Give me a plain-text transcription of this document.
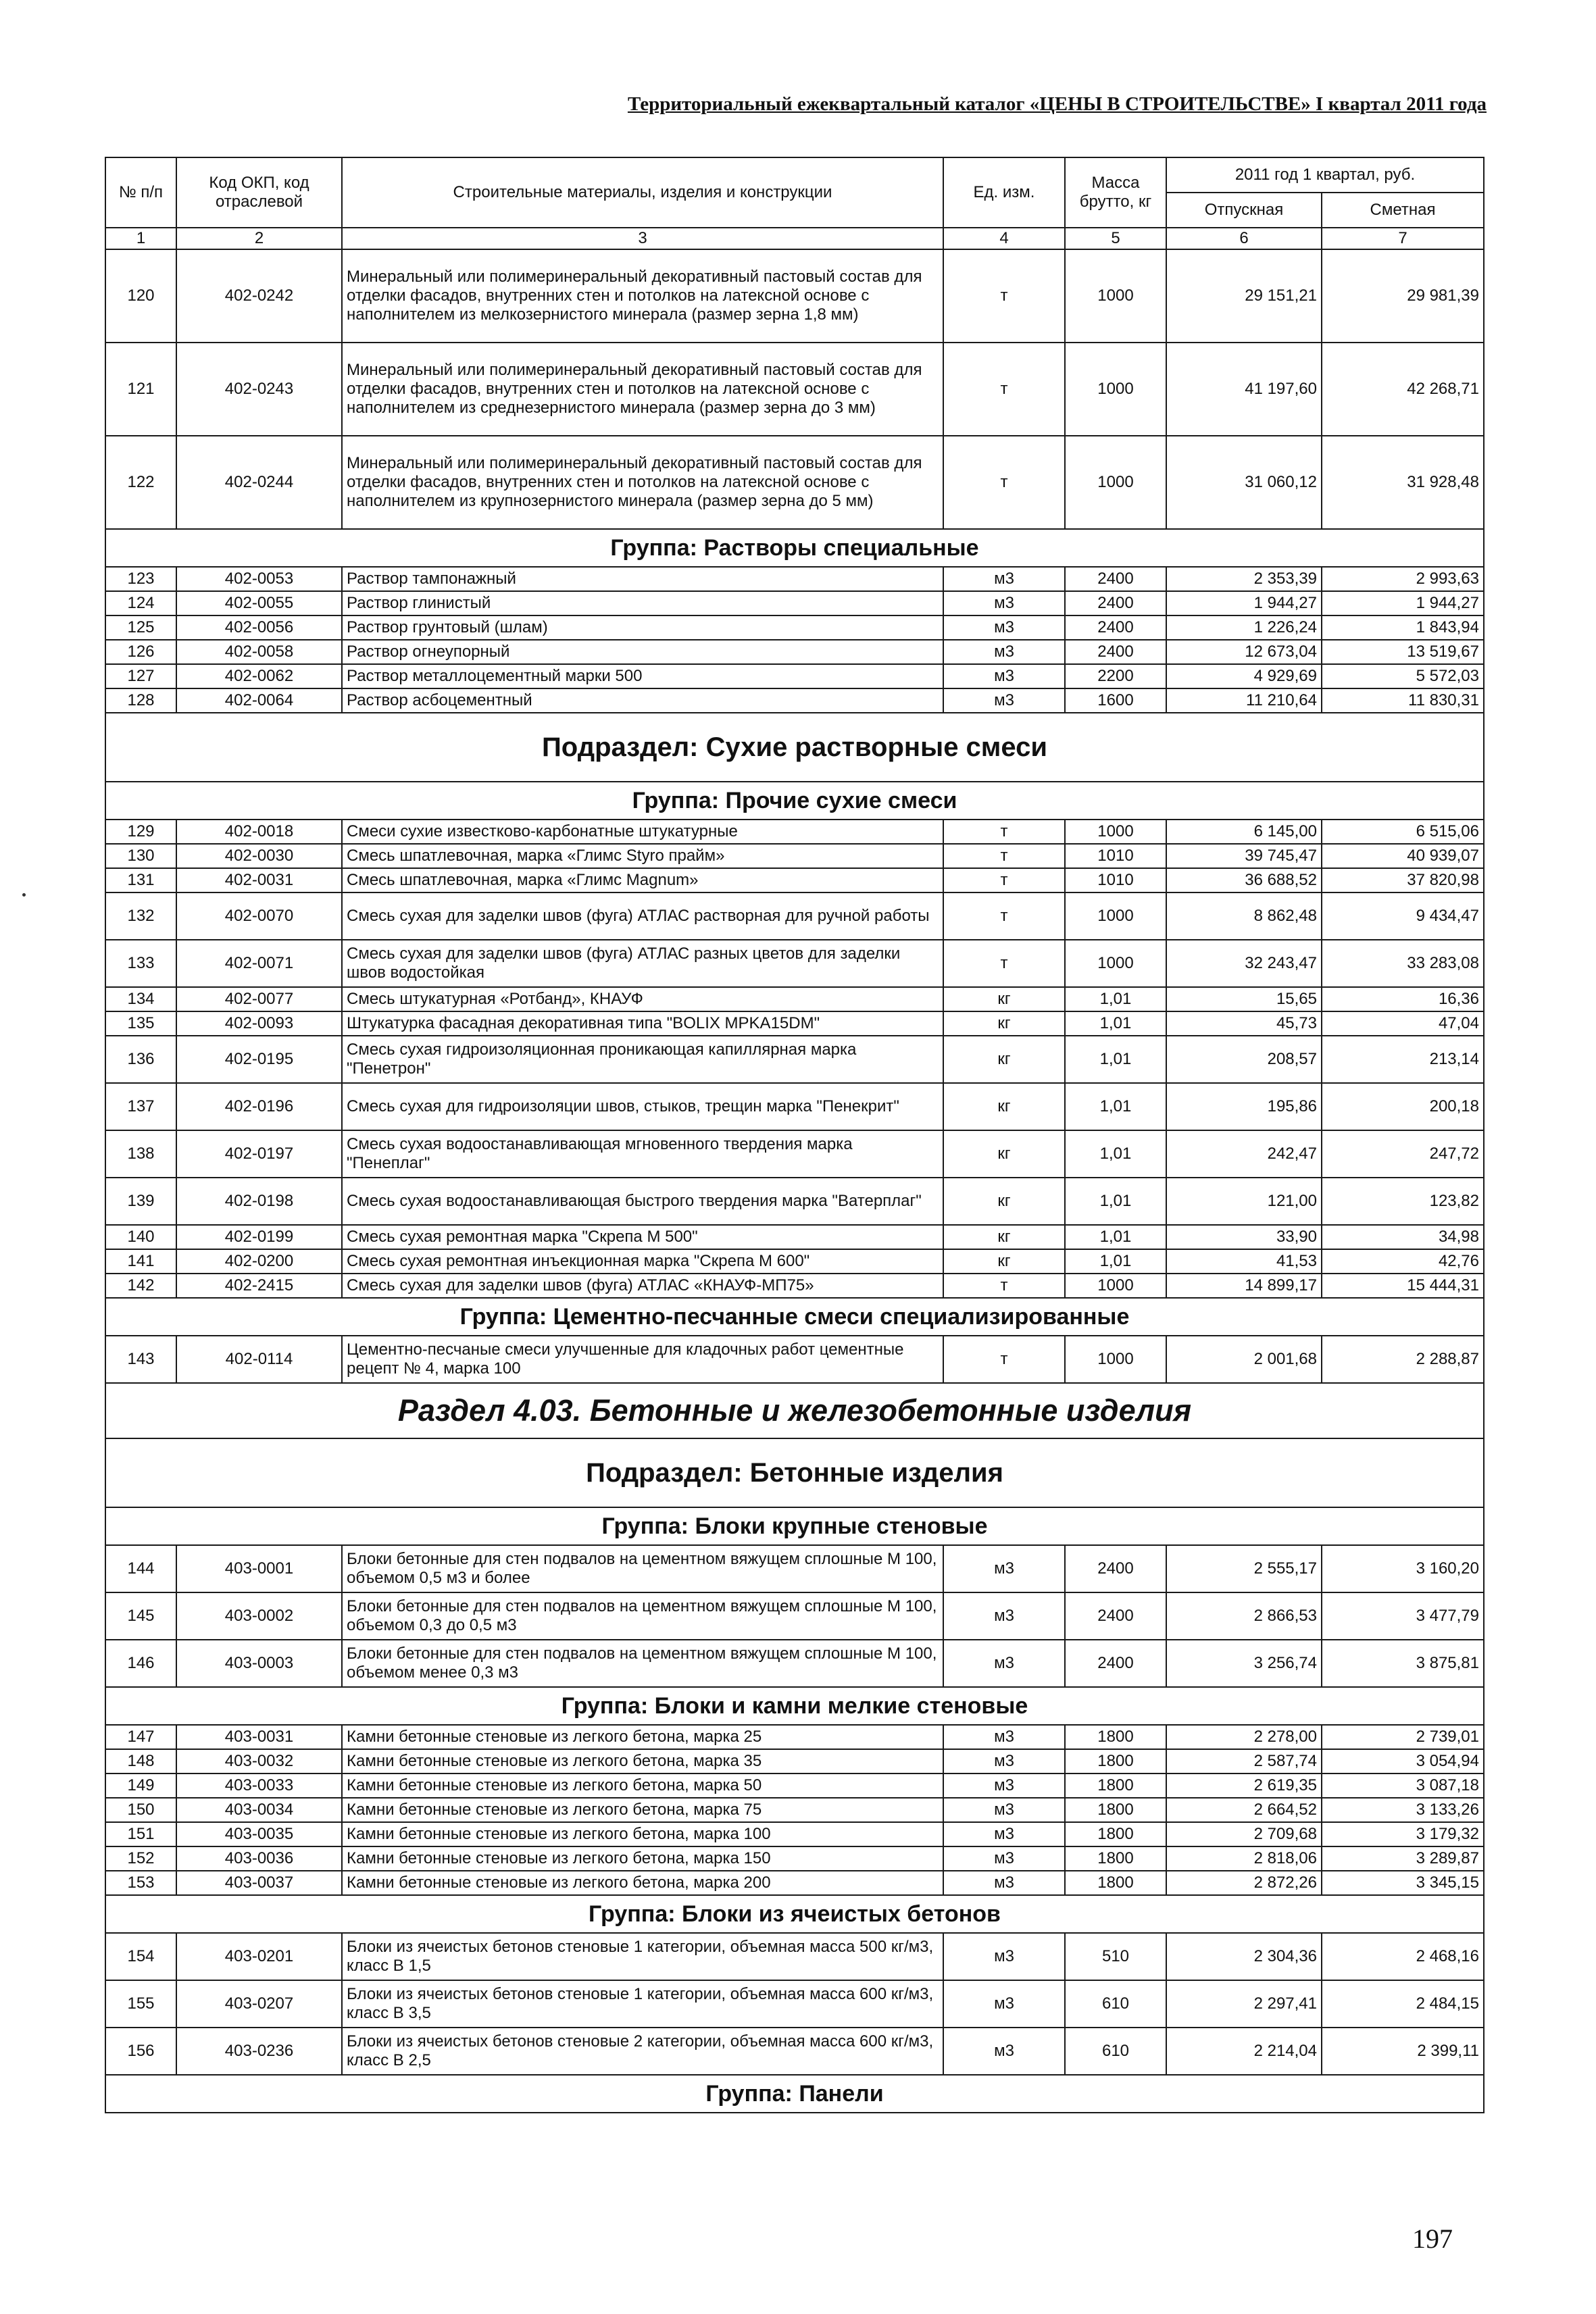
Территориальный ежеквартальный каталог «ЦЕНЫ В СТРОИТЕЛЬСТВЕ» I квартал 2011 года
№ п/п	Код ОКП, код отраслевой	Строительные материалы, изделия и конструкции	Ед. изм.	Масса брутто, кг	2011 год 1 квартал, руб.	
					Отпускная	Сметная
1	2	3	4	5	6	7
120	402-0242	Минеральный или полимеринеральный декоративный пастовый состав для отделки фасадов, внутренних стен и потолков на латексной основе с наполнителем из мелкозернистого минерала (размер зерна 1,8 мм)	т	1000	29 151,21	29 981,39
121	402-0243	Минеральный или полимеринеральный декоративный пастовый состав для отделки фасадов, внутренних стен и потолков на латексной основе с наполнителем из среднезернистого минерала (размер зерна до 3 мм)	т	1000	41 197,60	42 268,71
122	402-0244	Минеральный или полимеринеральный декоративный пастовый состав для отделки фасадов, внутренних стен и потолков на латексной основе с наполнителем из крупнозернистого минерала (размер зерна до 5 мм)	т	1000	31 060,12	31 928,48
Группа: Растворы специальные						
123	402-0053	Раствор тампонажный	м3	2400	2 353,39	2 993,63
124	402-0055	Раствор глинистый	м3	2400	1 944,27	1 944,27
125	402-0056	Раствор грунтовый (шлам)	м3	2400	1 226,24	1 843,94
126	402-0058	Раствор огнеупорный	м3	2400	12 673,04	13 519,67
127	402-0062	Раствор металлоцементный марки 500	м3	2200	4 929,69	5 572,03
128	402-0064	Раствор асбоцементный	м3	1600	11 210,64	11 830,31
Подраздел: Сухие растворные смеси						
Группа: Прочие сухие смеси						
129	402-0018	Смеси сухие известково-карбонатные штукатурные	т	1000	6 145,00	6 515,06
130	402-0030	Смесь шпатлевочная, марка «Глимс Styro прайм»	т	1010	39 745,47	40 939,07
131	402-0031	Смесь шпатлевочная, марка «Глимс Magnum»	т	1010	36 688,52	37 820,98
132	402-0070	Смесь сухая для заделки швов (фуга) АТЛАС растворная для ручной работы	т	1000	8 862,48	9 434,47
133	402-0071	Смесь сухая для заделки швов (фуга) АТЛАС разных цветов для заделки швов водостойкая	т	1000	32 243,47	33 283,08
134	402-0077	Смесь штукатурная «Ротбанд», КНАУФ	кг	1,01	15,65	16,36
135	402-0093	Штукатурка фасадная декоративная типа "BOLIX MPKA15DM"	кг	1,01	45,73	47,04
136	402-0195	Смесь сухая гидроизоляционная проникающая капиллярная марка "Пенетрон"	кг	1,01	208,57	213,14
137	402-0196	Смесь сухая для гидроизоляции швов, стыков, трещин марка "Пенекрит"	кг	1,01	195,86	200,18
138	402-0197	Смесь сухая водоостанавливающая мгновенного твердения марка "Пенеплаг"	кг	1,01	242,47	247,72
139	402-0198	Смесь сухая водоостанавливающая быстрого твердения марка "Ватерплаг"	кг	1,01	121,00	123,82
140	402-0199	Смесь сухая ремонтная марка "Скрепа М 500"	кг	1,01	33,90	34,98
141	402-0200	Смесь сухая ремонтная инъекционная марка "Скрепа М 600"	кг	1,01	41,53	42,76
142	402-2415	Смесь сухая для заделки швов (фуга) АТЛАС «КНАУФ-МП75»	т	1000	14 899,17	15 444,31
Группа: Цементно-песчанные смеси специализированные						
143	402-0114	Цементно-песчаные смеси улучшенные для кладочных работ цементные рецепт № 4, марка 100	т	1000	2 001,68	2 288,87
Раздел 4.03. Бетонные и железобетонные изделия						
Подраздел: Бетонные изделия						
Группа: Блоки крупные стеновые						
144	403-0001	Блоки бетонные для стен подвалов на цементном вяжущем сплошные М 100, объемом 0,5 м3 и более	м3	2400	2 555,17	3 160,20
145	403-0002	Блоки бетонные для стен подвалов на цементном вяжущем сплошные М 100, объемом 0,3 до 0,5 м3	м3	2400	2 866,53	3 477,79
146	403-0003	Блоки бетонные для стен подвалов на цементном вяжущем сплошные М 100, объемом менее 0,3 м3	м3	2400	3 256,74	3 875,81
Группа: Блоки и камни мелкие стеновые						
147	403-0031	Камни бетонные стеновые из легкого бетона, марка 25	м3	1800	2 278,00	2 739,01
148	403-0032	Камни бетонные стеновые из легкого бетона, марка 35	м3	1800	2 587,74	3 054,94
149	403-0033	Камни бетонные стеновые из легкого бетона, марка 50	м3	1800	2 619,35	3 087,18
150	403-0034	Камни бетонные стеновые из легкого бетона, марка 75	м3	1800	2 664,52	3 133,26
151	403-0035	Камни бетонные стеновые из легкого бетона, марка 100	м3	1800	2 709,68	3 179,32
152	403-0036	Камни бетонные стеновые из легкого бетона, марка 150	м3	1800	2 818,06	3 289,87
153	403-0037	Камни бетонные стеновые из легкого бетона, марка 200	м3	1800	2 872,26	3 345,15
Группа: Блоки из ячеистых бетонов						
154	403-0201	Блоки из ячеистых бетонов стеновые 1 категории, объемная масса 500 кг/м3, класс В 1,5	м3	510	2 304,36	2 468,16
155	403-0207	Блоки из ячеистых бетонов стеновые 1 категории, объемная масса 600 кг/м3, класс В 3,5	м3	610	2 297,41	2 484,15
156	403-0236	Блоки из ячеистых бетонов стеновые 2 категории, объемная масса 600 кг/м3, класс В 2,5	м3	610	2 214,04	2 399,11
Группа: Панели						
197
